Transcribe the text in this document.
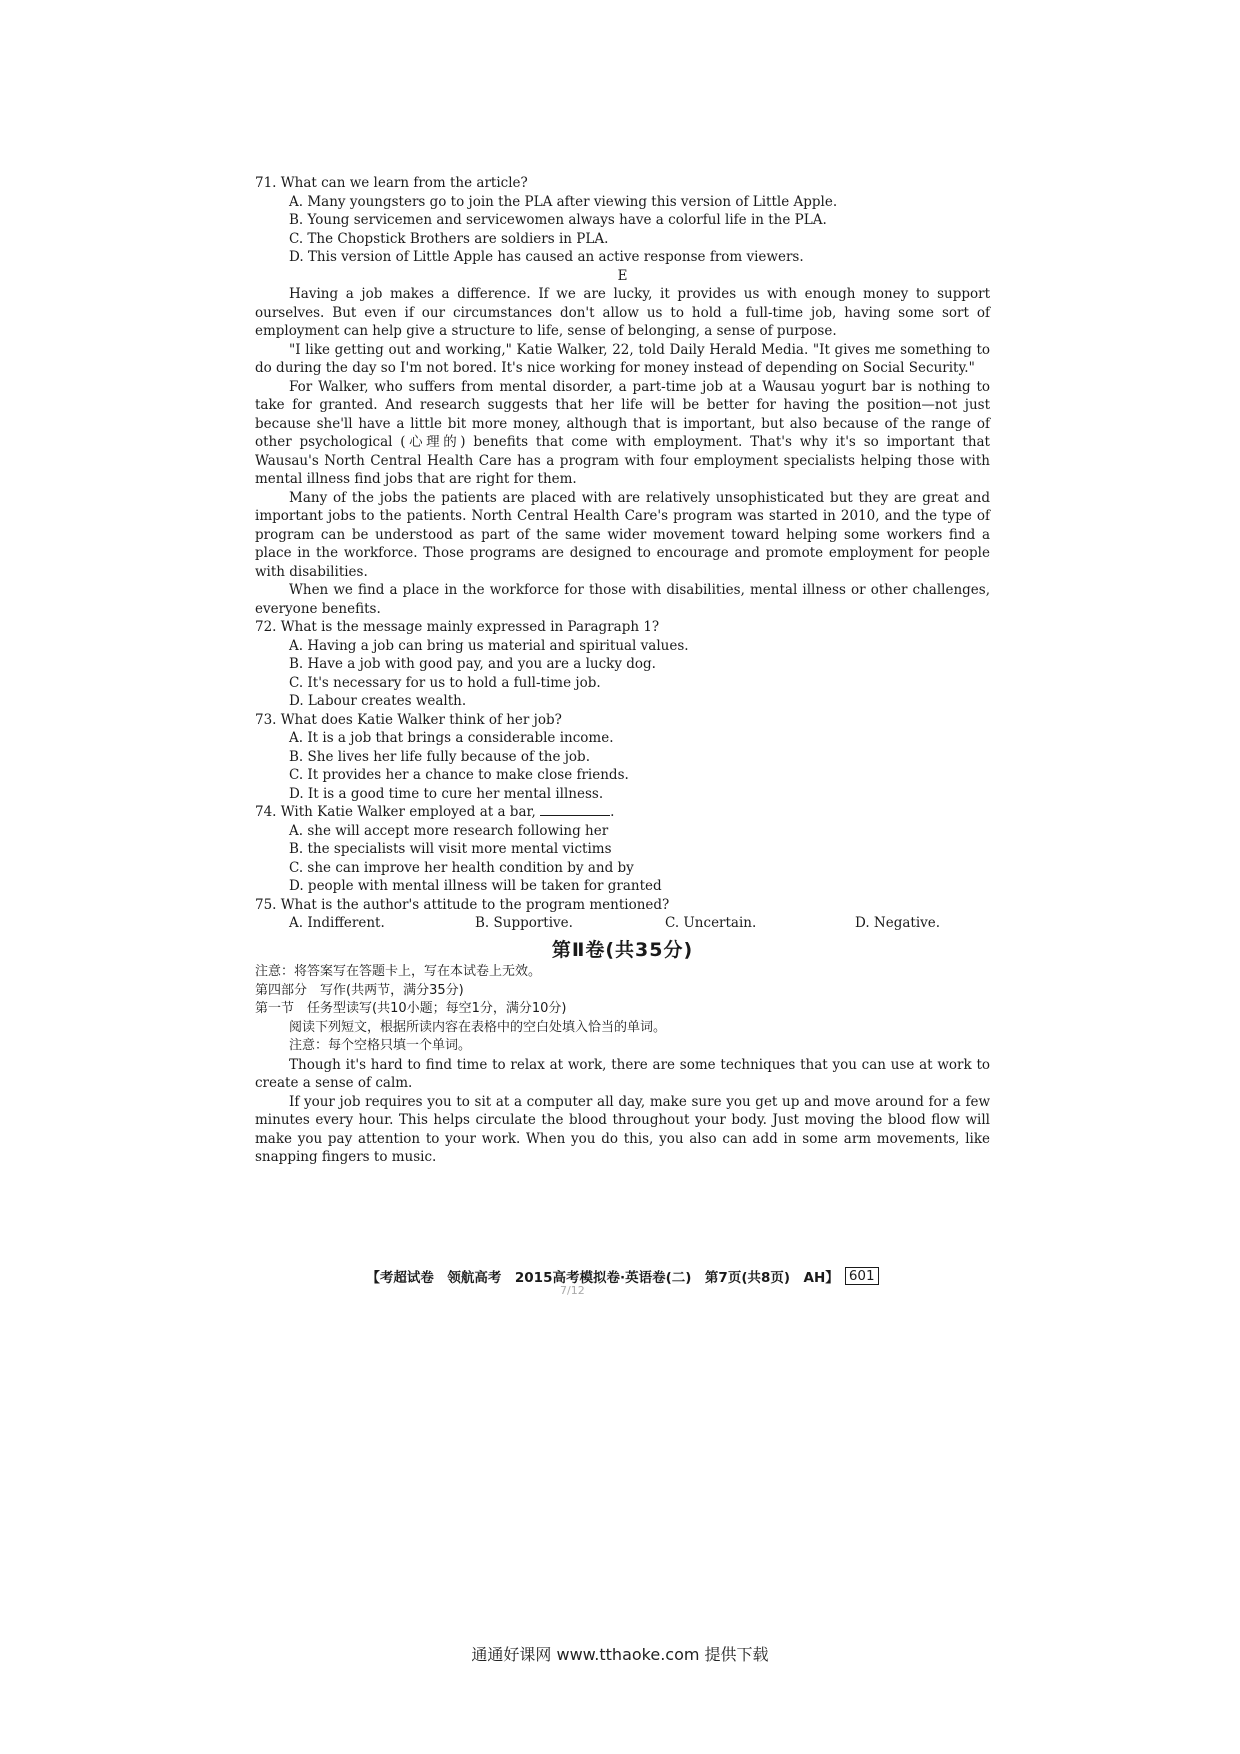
71. What can we learn from the article?

A. Many youngsters go to join the PLA after viewing this version of Little Apple.

B. Young servicemen and servicewomen always have a colorful life in the PLA.

C. The Chopstick Brothers are soldiers in PLA.

D. This version of Little Apple has caused an active response from viewers.

E

Having a job makes a difference. If we are lucky, it provides us with enough money to support ourselves. But even if our circumstances don't allow us to hold a full-time job, having some sort of employment can help give a structure to life, sense of belonging, a sense of purpose.

"I like getting out and working," Katie Walker, 22, told Daily Herald Media. "It gives me something to do during the day so I'm not bored. It's nice working for money instead of depending on Social Security."

For Walker, who suffers from mental disorder, a part-time job at a Wausau yogurt bar is nothing to take for granted. And research suggests that her life will be better for having the position—not just because she'll have a little bit more money, although that is important, but also because of the range of other psychological (心理的) benefits that come with employment. That's why it's so important that Wausau's North Central Health Care has a program with four employment specialists helping those with mental illness find jobs that are right for them.

Many of the jobs the patients are placed with are relatively unsophisticated but they are great and important jobs to the patients. North Central Health Care's program was started in 2010, and the type of program can be understood as part of the same wider movement toward helping some workers find a place in the workforce. Those programs are designed to encourage and promote employment for people with disabilities.

When we find a place in the workforce for those with disabilities, mental illness or other challenges, everyone benefits.

72. What is the message mainly expressed in Paragraph 1?

A. Having a job can bring us material and spiritual values.

B. Have a job with good pay, and you are a lucky dog.

C. It's necessary for us to hold a full-time job.

D. Labour creates wealth.

73. What does Katie Walker think of her job?

A. It is a job that brings a considerable income.

B. She lives her life fully because of the job.

C. It provides her a chance to make close friends.

D. It is a good time to cure her mental illness.

74. With Katie Walker employed at a bar,	.

A. she will accept more research following her

B. the specialists will visit more mental victims

C. she can improve her health condition by and by

D. people with mental illness will be taken for granted

75. What is the author's attitude to the program mentioned?

A. Indifferent.	B. Supportive.	C. Uncertain.	D. Negative.
第Ⅱ卷(共35分)

注意：将答案写在答题卡上，写在本试卷上无效。

第四部分　写作(共两节，满分35分)

第一节　任务型读写(共10小题；每空1分，满分10分)

阅读下列短文，根据所读内容在表格中的空白处填入恰当的单词。

注意：每个空格只填一个单词。

Though it's hard to find time to relax at work, there are some techniques that you can use at work to create a sense of calm.

If your job requires you to sit at a computer all day, make sure you get up and move around for a few minutes every hour. This helps circulate the blood throughout your body. Just moving the blood flow will make you pay attention to your work. When you do this, you also can add in some arm movements, like snapping fingers to music.

【考超试卷　领航高考　2015高考模拟卷·英语卷(二)　第7页(共8页)　AH】 601
7/12
通通好课网 www.tthaoke.com 提供下载
